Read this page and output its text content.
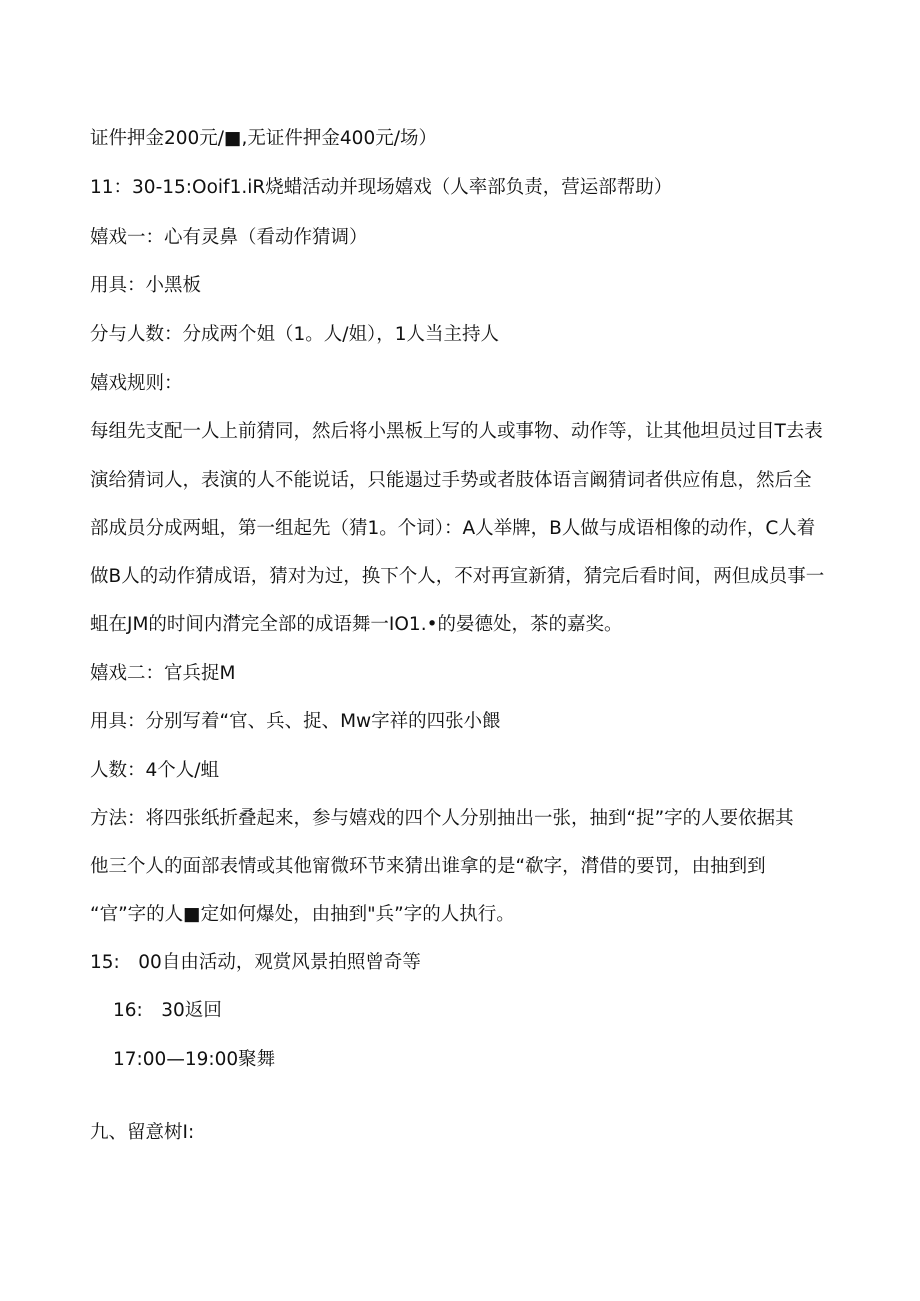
证件押金200元/■,无证件押金400元/场）
11：30-15:Ooif1.iR烧蜡活动并现场嬉戏（人率部负责，营运部帮助）
嬉戏一：心有灵鼻（看动作猜调）
用具：小黑板
分与人数：分成两个姐（1。人/姐），1人当主持人
嬉戏规则：
每组先支配一人上前猜同，然后将小黑板上写的人或事物、动作等，让其他坦员过目T去表
演给猜词人，表演的人不能说话，只能遢过手势或者肢体语言阚猜词者供应侑息，然后全
部成员分成两蛆，第一组起先（猜1。个词）：A人举牌，B人做与成语相像的动作，C人着
做B人的动作猜成语，猜对为过，换下个人，不对再宣新猜，猜完后看时间，两但成员事一
蛆在JM的时间内潸完全部的成语舞一IO1.•的晏德处，茶的嘉奖。
嬉戏二：官兵捉M
用具：分别写着“官、兵、捉、Mw字祥的四张小餵
人数：4个人/蛆
方法：将四张纸折叠起来，参与嬉戏的四个人分别抽出一张，抽到“捉”字的人要依据其
他三个人的面部表情或其他甯微环节来猜出谁拿的是“欷字，潸借的要罚，由抽到到
“官”字的人■定如何爆处，由抽到"兵”字的人执行。
15:　00自由活动，观赏风景拍照曾奇等
16:　30返回
17:00—19:00聚舞
九、留意树I:
